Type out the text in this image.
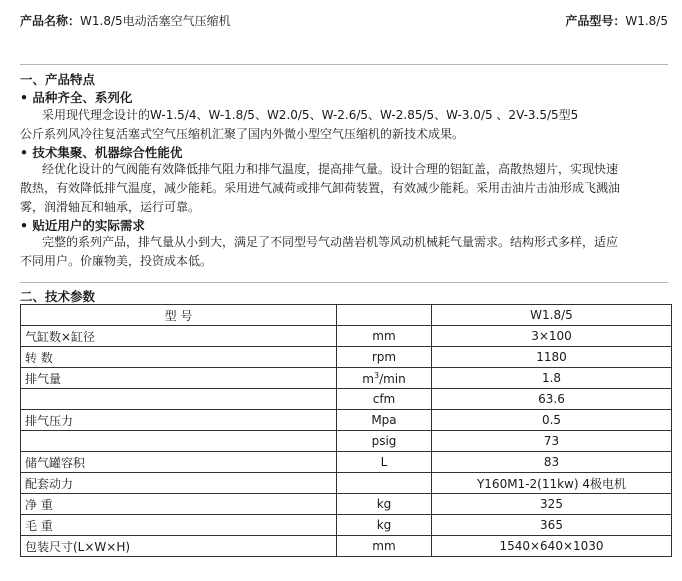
产品名称：W1.8/5电动活塞空气压缩机	产品型号：W1.8/5
一、产品特点
• 品种齐全、系列化
采用现代理念设计的W-1.5/4、W-1.8/5、W2.0/5、W-2.6/5、W-2.85/5、W-3.0/5 、2V-3.5/5型5
公斤系列风冷往复活塞式空气压缩机汇聚了国内外微小型空气压缩机的新技术成果。
• 技术集聚、机器综合性能优
经优化设计的气阀能有效降低排气阻力和排气温度，提高排气量。设计合理的铝缸盖，高散热翅片，实现快速
散热，有效降低排气温度，减少能耗。采用进气减荷或排气卸荷装置，有效减少能耗。采用击油片击油形成飞溅油
雾，润滑轴瓦和轴承，运行可靠。
• 贴近用户的实际需求
完整的系列产品，排气量从小到大，满足了不同型号气动凿岩机等风动机械耗气量需求。结构形式多样，适应
不同用户。价廉物美，投资成本低。
二、技术参数
型 号		W1.8/5
气缸数×缸径	mm	3×100
转 数	rpm	1180
排气量	$m^3/\min$	1.8
	cfm	63.6
排气压力	Mpa	0.5
	psig	73
储气罐容积	L	83
配套动力		Y160M1-2(11kw) 4极电机
净 重	kg	325
毛 重	kg	365
包装尺寸(L×W×H)	mm	1540×640×1030
